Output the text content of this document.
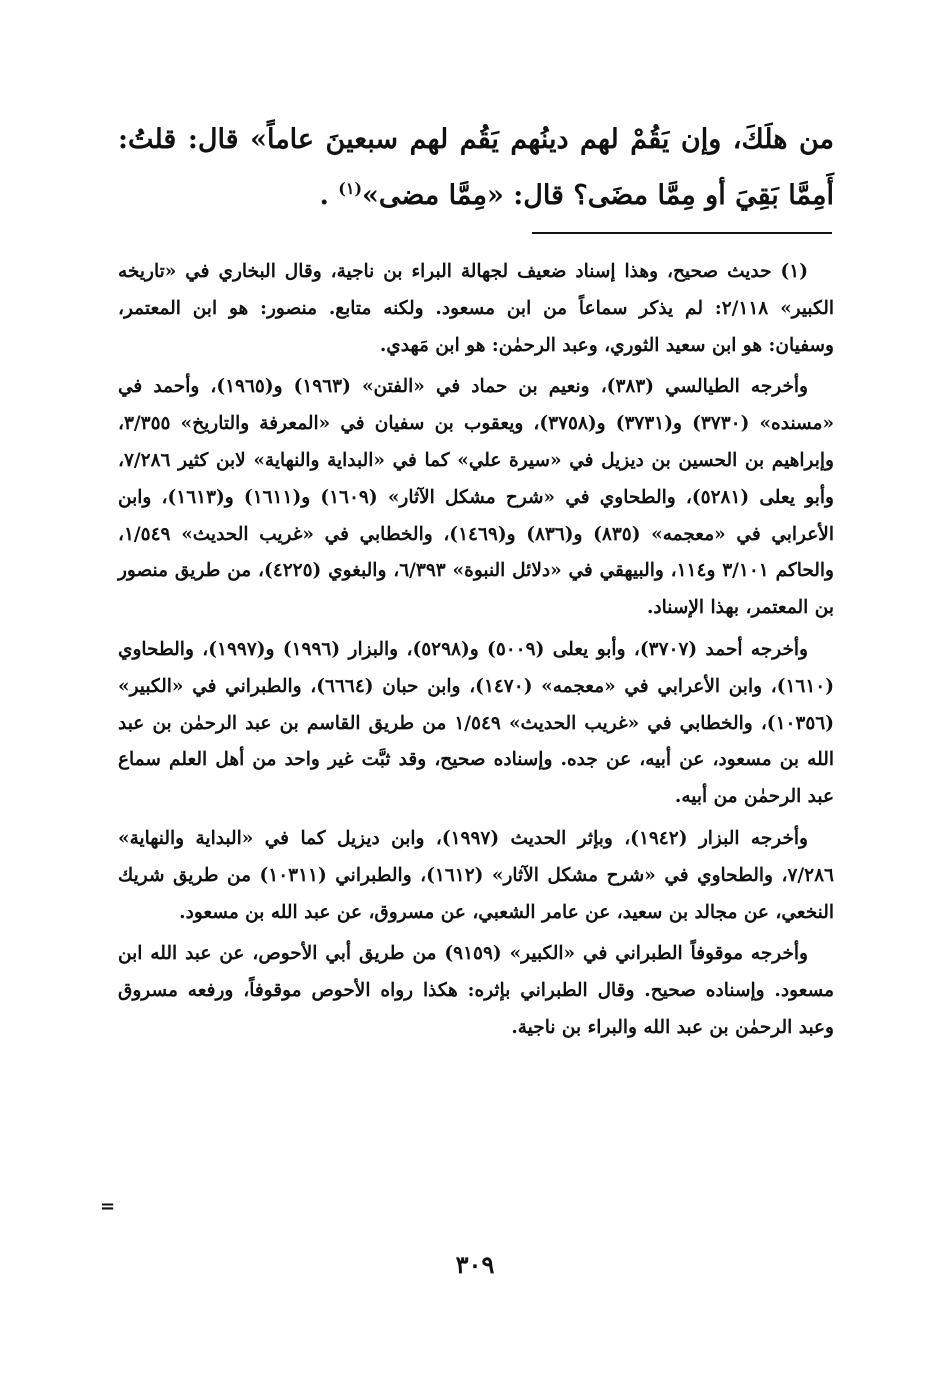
من هلَكَ، وإن يَقُمْ لهم دينُهم يَقُم لهم سبعينَ عاماً» قال: قلتُ: أَمِمَّا بَقِيَ أو مِمَّا مضَى؟ قال: «مِمَّا مضى»$^{(١)}$ .

(١) حديث صحيح، وهذا إسناد ضعيف لجهالة البراء بن ناجية، وقال البخاري في «تاريخه الكبير» ٢/١١٨: لم يذكر سماعاً من ابن مسعود. ولكنه متابع. منصور: هو ابن المعتمر، وسفيان: هو ابن سعيد الثوري، وعبد الرحمٰن: هو ابن مَهدي.

وأخرجه الطيالسي (٣٨٣)، ونعيم بن حماد في «الفتن» (١٩٦٣) و(١٩٦٥)، وأحمد في «مسنده» (٣٧٣٠) و(٣٧٣١) و(٣٧٥٨)، ويعقوب بن سفيان في «المعرفة والتاريخ» ٣/٣٥٥، وإبراهيم بن الحسين بن ديزيل في «سيرة علي» كما في «البداية والنهاية» لابن كثير ٧/٢٨٦، وأبو يعلى (٥٢٨١)، والطحاوي في «شرح مشكل الآثار» (١٦٠٩) و(١٦١١) و(١٦١٣)، وابن الأعرابي في «معجمه» (٨٣٥) و(٨٣٦) و(١٤٦٩)، والخطابي في «غريب الحديث» ١/٥٤٩، والحاكم ٣/١٠١ و١١٤، والبيهقي في «دلائل النبوة» ٦/٣٩٣، والبغوي (٤٢٢٥)، من طريق منصور بن المعتمر، بهذا الإسناد.

وأخرجه أحمد (٣٧٠٧)، وأبو يعلى (٥٠٠٩) و(٥٢٩٨)، والبزار (١٩٩٦) و(١٩٩٧)، والطحاوي (١٦١٠)، وابن الأعرابي في «معجمه» (١٤٧٠)، وابن حبان (٦٦٦٤)، والطبراني في «الكبير» (١٠٣٥٦)، والخطابي في «غريب الحديث» ١/٥٤٩ من طريق القاسم بن عبد الرحمٰن بن عبد الله بن مسعود، عن أبيه، عن جده. وإسناده صحيح، وقد ثبَّت غير واحد من أهل العلم سماع عبد الرحمٰن من أبيه.

وأخرجه البزار (١٩٤٢)، وبإثر الحديث (١٩٩٧)، وابن ديزيل كما في «البداية والنهاية» ٧/٢٨٦، والطحاوي في «شرح مشكل الآثار» (١٦١٢)، والطبراني (١٠٣١١) من طريق شريك النخعي، عن مجالد بن سعيد، عن عامر الشعبي، عن مسروق، عن عبد الله بن مسعود.

وأخرجه موقوفاً الطبراني في «الكبير» (٩١٥٩) من طريق أبي الأحوص، عن عبد الله ابن مسعود. وإسناده صحيح. وقال الطبراني بإثره: هكذا رواه الأحوص موقوفاً، ورفعه مسروق وعبد الرحمٰن بن عبد الله والبراء بن ناجية.

=
٣٠٩
